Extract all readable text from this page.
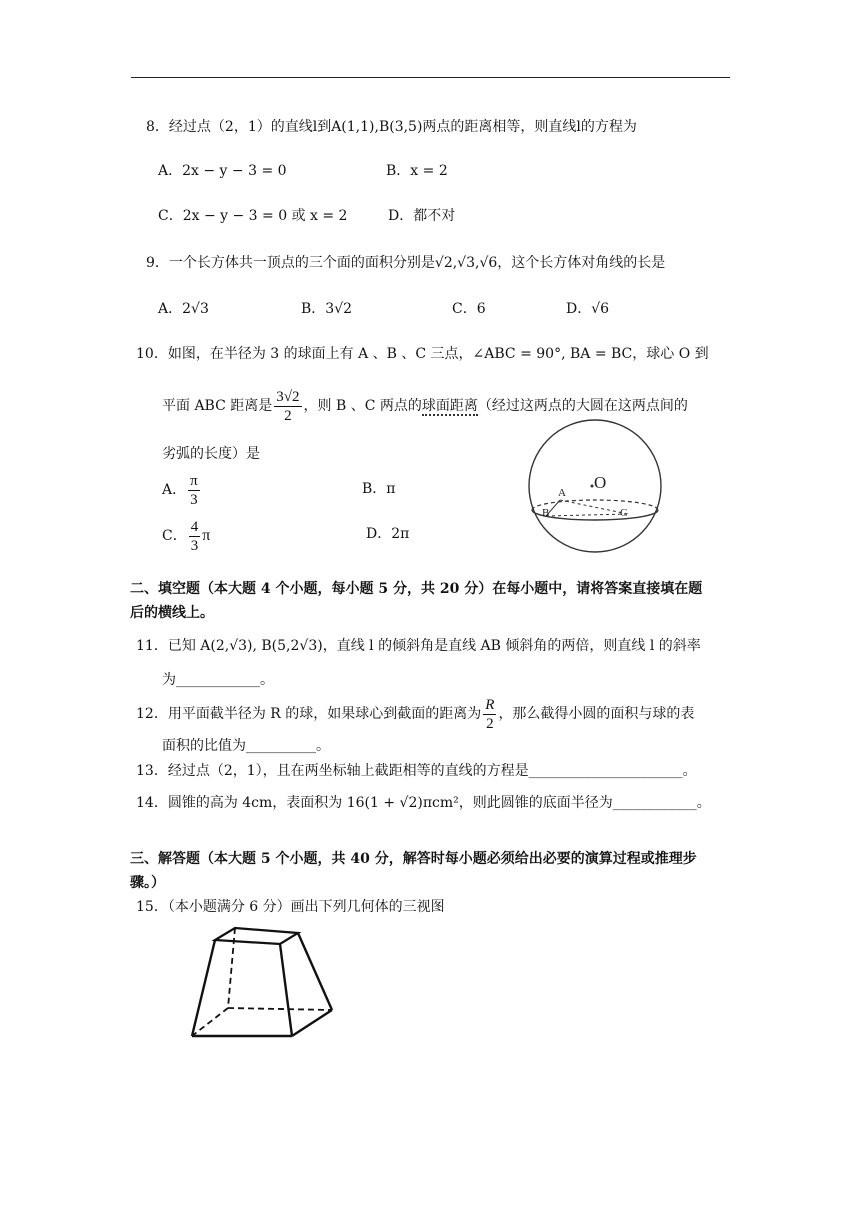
8．经过点（2，1）的直线l到A(1,1),B(3,5)两点的距离相等，则直线l的方程为
A．2x − y − 3 = 0	B．x = 2
C．2x − y − 3 = 0 或 x = 2	D．都不对
9．一个长方体共一顶点的三个面的面积分别是√2,√3,√6，这个长方体对角线的长是
A．2√3	B．3√2	C．6	D．√6
10．如图，在半径为 3 的球面上有 A 、B 、C 三点，∠ABC = 90°, BA = BC，球心 O 到
平面 ABC 距离是 $\frac{3√2}{2}$ ，则 B 、C 两点的球面距离（经过这两点的大圆在这两点间的
劣弧的长度）是
A． $\frac{\pi}{3}$	B．π
C． $\frac{4}{3}$ π	D．2π
O
A
B	C
二、填空题（本大题 4 个小题，每小题 5 分，共 20 分）在每小题中，请将答案直接填在题
后的横线上。
11．已知 A(2,√3), B(5,2√3)，直线 l 的倾斜角是直线 AB 倾斜角的两倍，则直线 l 的斜率
为____________。
12．用平面截半径为 R 的球，如果球心到截面的距离为 $\frac{R}{2}$ ，那么截得小圆的面积与球的表
面积的比值为__________。
13．经过点（2，1），且在两坐标轴上截距相等的直线的方程是______________________。
14．圆锥的高为 4cm，表面积为 16(1 + √2)πcm²，则此圆锥的底面半径为____________。
三、解答题（本大题 5 个小题，共 40 分，解答时每小题必须给出必要的演算过程或推理步
骤。）
15．（本小题满分 6 分）画出下列几何体的三视图
